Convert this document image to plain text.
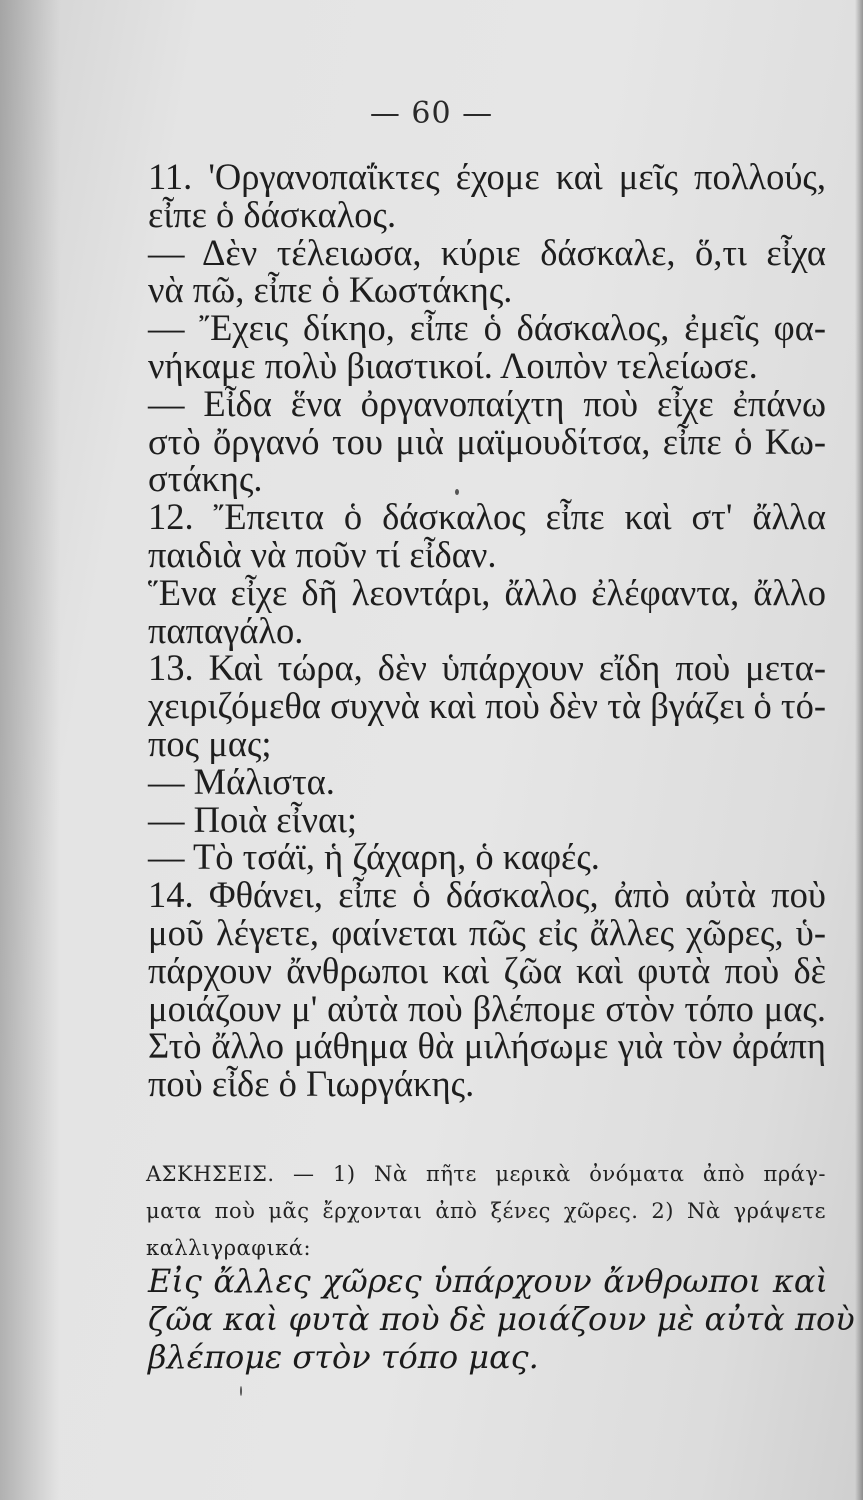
— 60 —
11. 'Οργανοπαΐκτες έχομε καὶ μεῖς πολλούς,
εἶπε ὁ δάσκαλος.
— Δὲν τέλειωσα, κύριε δάσκαλε, ὅ,τι εἶχα
νὰ πῶ, εἶπε ὁ Κωστάκης.
— Ἔχεις δίκηο, εἶπε ὁ δάσκαλος, ἐμεῖς φα-
νήκαμε πολὺ βιαστικοί. Λοιπὸν τελείωσε.
— Εἶδα ἕνα ὀργανοπαίχτη ποὺ εἶχε ἐπάνω
στὸ ὄργανό του μιὰ μαϊμουδίτσα, εἶπε ὁ Κω-
στάκης.
12. Ἔπειτα ὁ δάσκαλος εἶπε καὶ στ' ἄλλα
παιδιὰ νὰ ποῦν τί εἶδαν.
Ἕνα εἶχε δῆ λεοντάρι, ἄλλο ἐλέφαντα, ἄλλο
παπαγάλο.
13. Καὶ τώρα, δὲν ὑπάρχουν εἴδη ποὺ μετα-
χειριζόμεθα συχνὰ καὶ ποὺ δὲν τὰ βγάζει ὁ τό-
πος μας;
— Μάλιστα.
— Ποιὰ εἶναι;
— Τὸ τσάϊ, ἡ ζάχαρη, ὁ καφές.
14. Φθάνει, εἶπε ὁ δάσκαλος, ἀπὸ αὐτὰ ποὺ
μοῦ λέγετε, φαίνεται πῶς εἰς ἄλλες χῶρες, ὑ-
πάρχουν ἄνθρωποι καὶ ζῶα καὶ φυτὰ ποὺ δὲ
μοιάζουν μ' αὐτὰ ποὺ βλέπομε στὸν τόπο μας.
Στὸ ἄλλο μάθημα θὰ μιλήσωμε γιὰ τὸν ἀράπη
ποὺ εἶδε ὁ Γιωργάκης.
ΑΣΚΗΣΕΙΣ. — 1) Νὰ πῆτε μερικὰ ὀνόματα ἀπὸ πράγ-
ματα ποὺ μᾶς ἔρχονται ἀπὸ ξένες χῶρες. 2) Νὰ γράψετε
καλλιγραφικά:
Εἰς ἄλλες χῶρες ὑπάρχουν ἄνθρωποι καὶ
ζῶα καὶ φυτὰ ποὺ δὲ μοιάζουν μὲ αὐτὰ ποὺ
βλέπομε στὸν τόπο μας.
